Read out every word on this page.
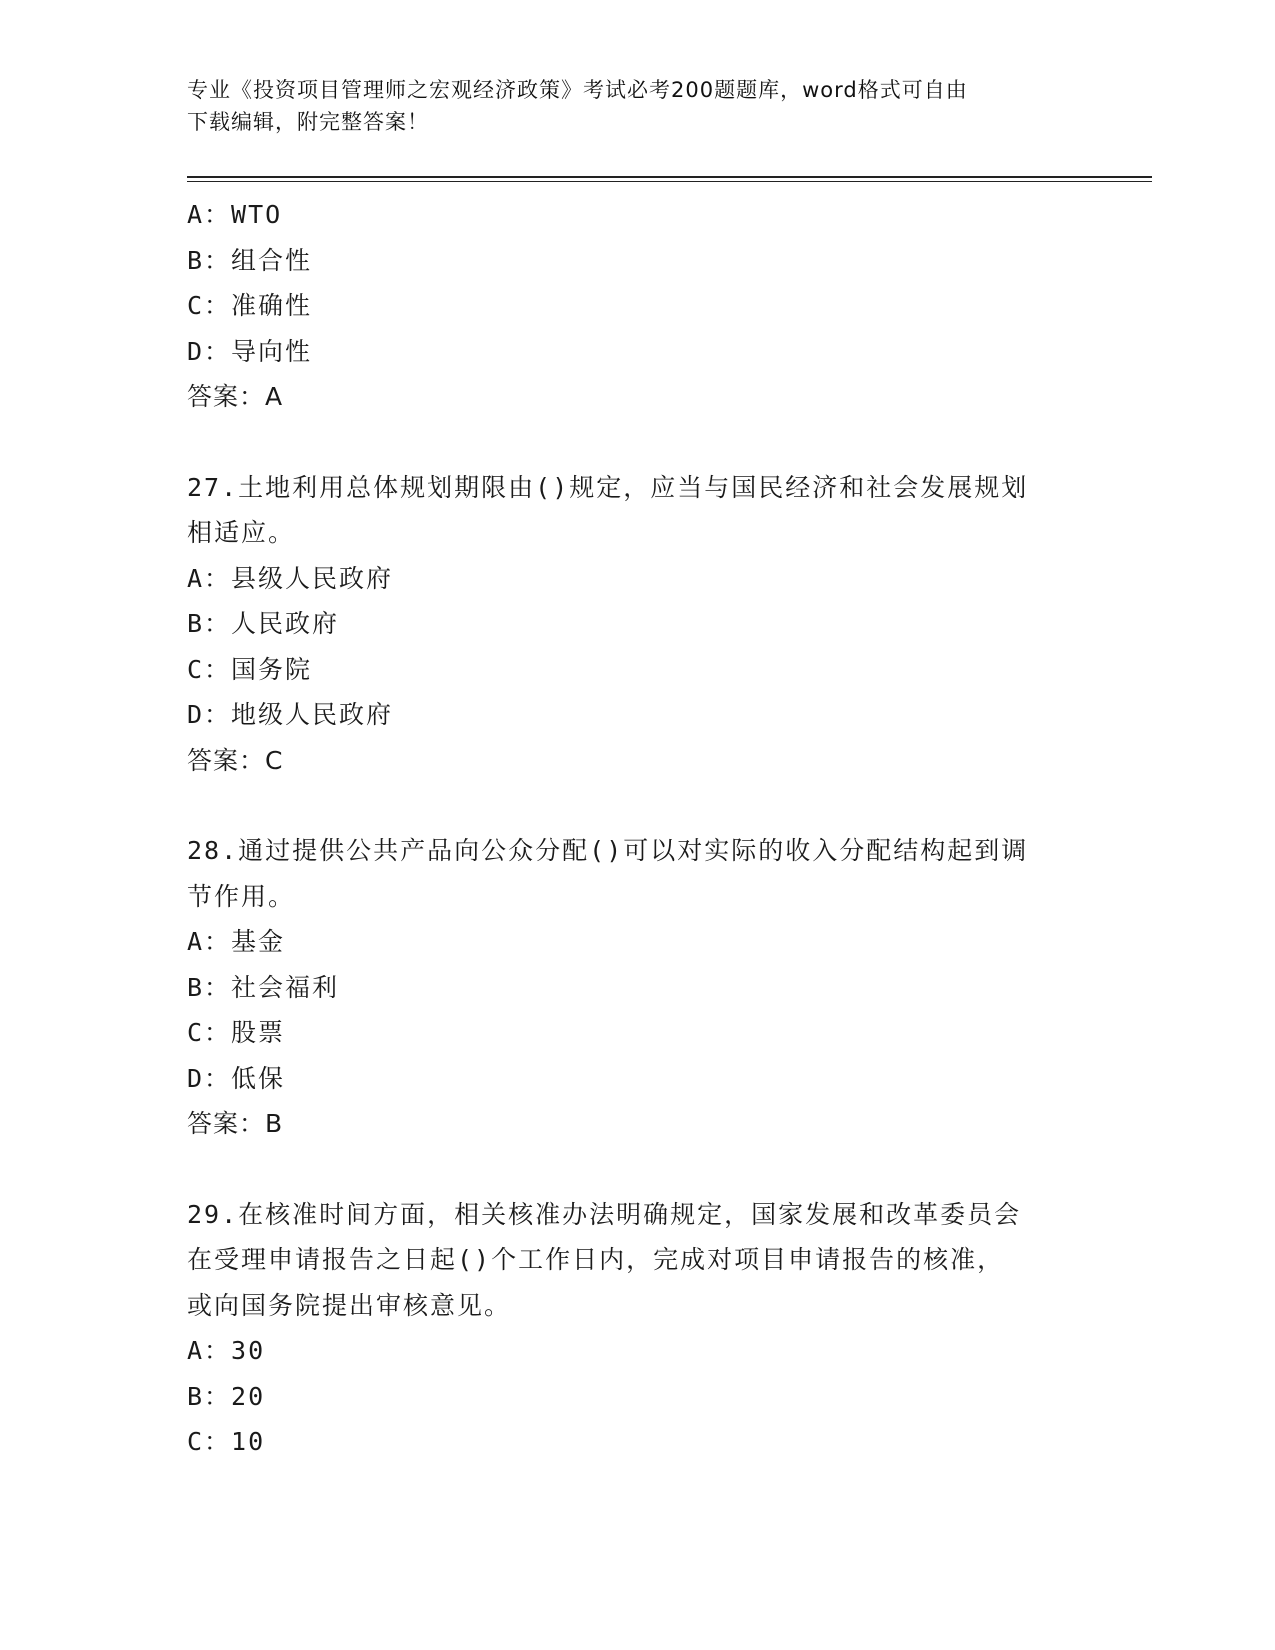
专业《投资项目管理师之宏观经济政策》考试必考200题题库，word格式可自由
下载编辑，附完整答案！
A：WTO
B：组合性
C：准确性
D：导向性
答案：A
27.土地利用总体规划期限由()规定，应当与国民经济和社会发展规划
相适应。
A：县级人民政府
B：人民政府
C：国务院
D：地级人民政府
答案：C
28.通过提供公共产品向公众分配()可以对实际的收入分配结构起到调
节作用。
A：基金
B：社会福利
C：股票
D：低保
答案：B
29.在核准时间方面，相关核准办法明确规定，国家发展和改革委员会
在受理申请报告之日起()个工作日内，完成对项目申请报告的核准，
或向国务院提出审核意见。
A：30
B：20
C：10
